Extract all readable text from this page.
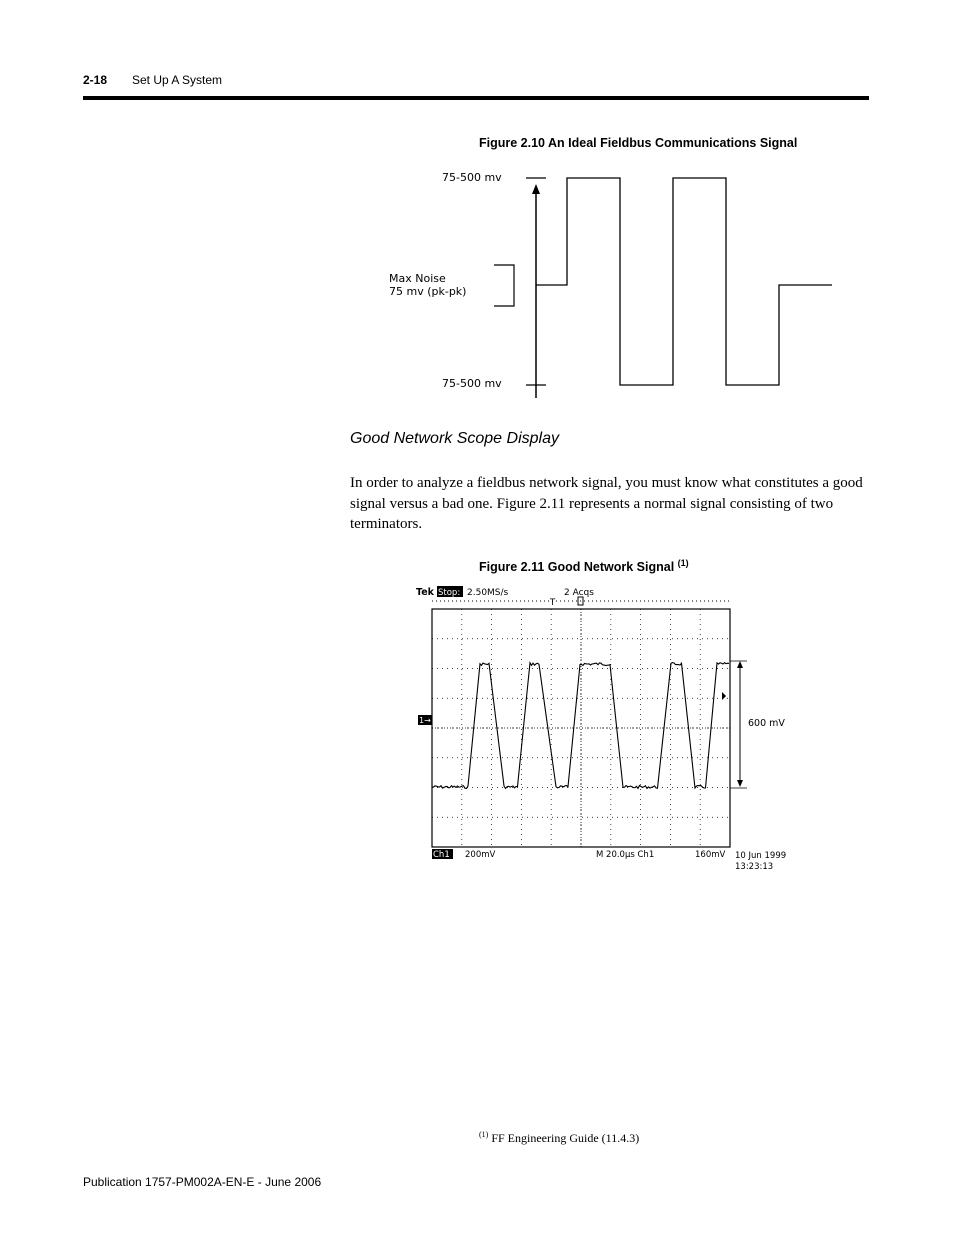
2-18 Set Up A System
Figure 2.10 An Ideal Fieldbus Communications Signal
75-500 mv
75-500 mv
Max Noise
75 mv (pk-pk)
Good Network Scope Display
In order to analyze a fieldbus network signal, you must know what constitutes a good signal versus a bad one. Figure 2.11 represents a normal signal consisting of two terminators.
Figure 2.11 Good Network Signal $^{(1)}$
Tek Stop: 2.50MS/s	2 Acqs
T
1→	600 mV
Ch1 200mV	M 20.0µs Ch1	160mV 10 Jun 1999
13:23:13
$^{(1)}$ FF Engineering Guide (11.4.3)
Publication 1757-PM002A-EN-E - June 2006
